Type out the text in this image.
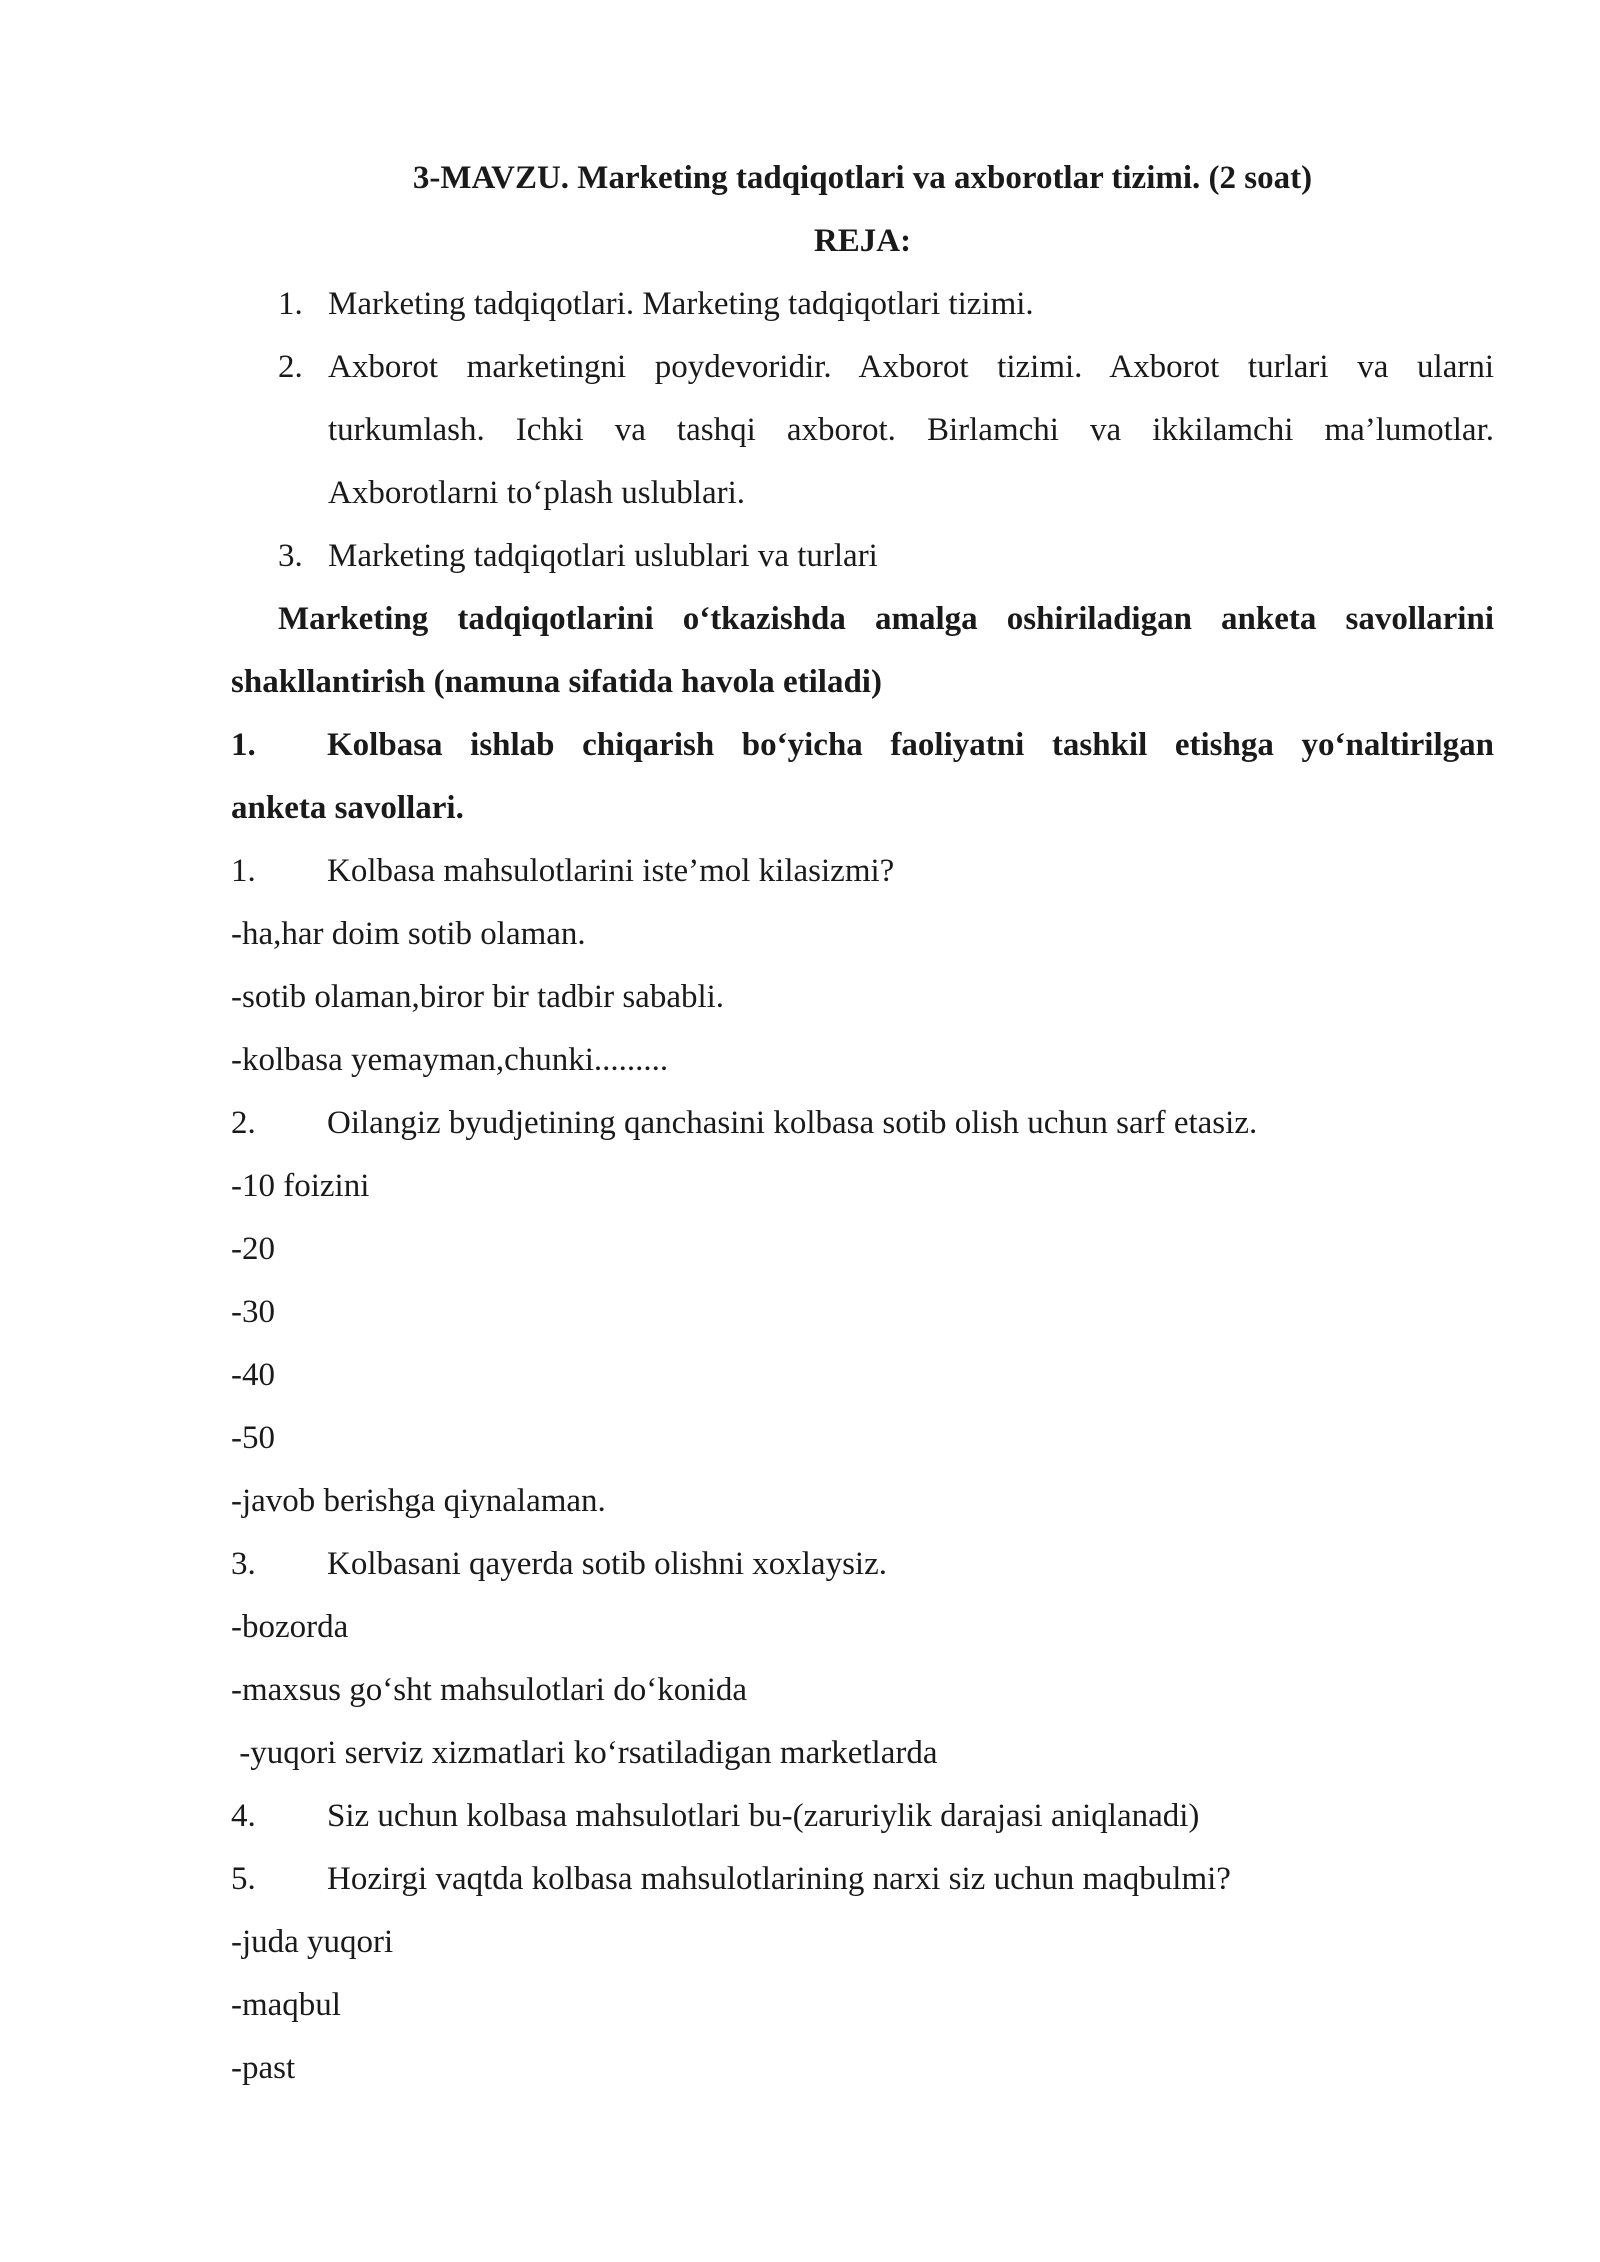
3-MAVZU. Marketing tadqiqotlari va axborotlar tizimi. (2 soat)
REJA:
1. Marketing tadqiqotlari. Marketing tadqiqotlari tizimi.
2. Axborot marketingni poydevoridir. Axborot tizimi. Axborot turlari va ularni
turkumlash. Ichki va tashqi axborot. Birlamchi va ikkilamchi ma’lumotlar.
Axborotlarni to‘plash uslublari.
3. Marketing tadqiqotlari uslublari va turlari
Marketing tadqiqotlarini o‘tkazishda amalga oshiriladigan anketa savollarini
shakllantirish (namuna sifatida havola etiladi)
1. Kolbasa ishlab chiqarish bo‘yicha faoliyatni tashkil etishga yo‘naltirilgan
anketa savollari.
1. Kolbasa mahsulotlarini iste’mol kilasizmi?
-ha,har doim sotib olaman.
-sotib olaman,biror bir tadbir sababli.
-kolbasa yemayman,chunki.........
2. Oilangiz byudjetining qanchasini kolbasa sotib olish uchun sarf etasiz.
-10 foizini
-20
-30
-40
-50
-javob berishga qiynalaman.
3. Kolbasani qayerda sotib olishni xoxlaysiz.
-bozorda
-maxsus go‘sht mahsulotlari do‘konida
-yuqori serviz xizmatlari ko‘rsatiladigan marketlarda
4. Siz uchun kolbasa mahsulotlari bu-(zaruriylik darajasi aniqlanadi)
5. Hozirgi vaqtda kolbasa mahsulotlarining narxi siz uchun maqbulmi?
-juda yuqori
-maqbul
-past
